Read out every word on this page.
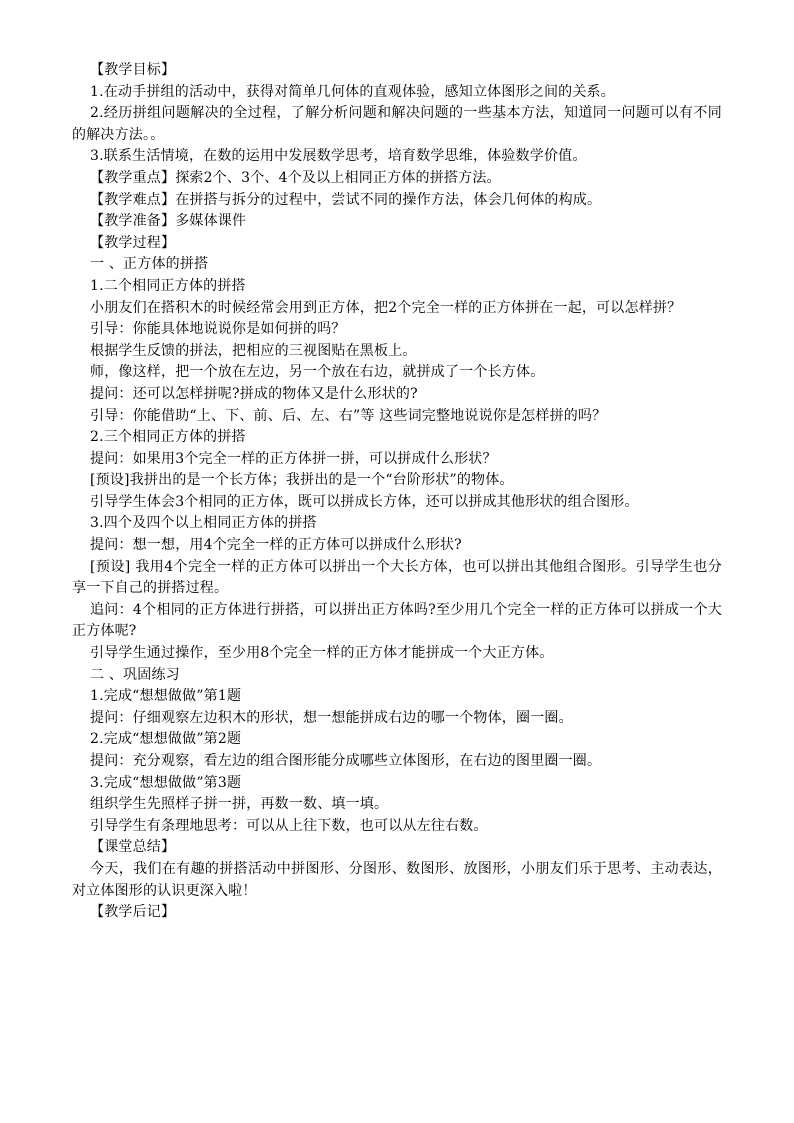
【教学目标】
1.在动手拼组的活动中，获得对简单几何体的直观体验，感知立体图形之间的关系。
2.经历拼组问题解决的全过程，了解分析问题和解决问题的一些基本方法，知道同一问题可以有不同的解决方法。。
3.联系生活情境，在数的运用中发展数学思考，培育数学思维，体验数学价值。
【教学重点】探索2个、3个、4个及以上相同正方体的拼搭方法。
【教学难点】在拼搭与拆分的过程中，尝试不同的操作方法，体会几何体的构成。
【教学准备】多媒体课件
【教学过程】
一 、正方体的拼搭
1.二个相同正方体的拼搭
小朋友们在搭积木的时候经常会用到正方体，把2个完全一样的正方体拼在一起，可以怎样拼？
引导：你能具体地说说你是如何拼的吗？
根据学生反馈的拼法，把相应的三视图贴在黑板上。
师，像这样，把一个放在左边，另一个放在右边，就拼成了一个长方体。
提问：还可以怎样拼呢?拼成的物体又是什么形状的?
引导：你能借助“上、下、前、后、左、右”等 这些词完整地说说你是怎样拼的吗？
2.三个相同正方体的拼搭
提问：如果用3个完全一样的正方体拼一拼，可以拼成什么形状？
[预设]我拼出的是一个长方体；我拼出的是一个“台阶形状”的物体。
引导学生体会3个相同的正方体，既可以拼成长方体，还可以拼成其他形状的组合图形。
3.四个及四个以上相同正方体的拼搭
提问：想一想，用4个完全一样的正方体可以拼成什么形状?
[预设] 我用4个完全一样的正方体可以拼出一个大长方体，也可以拼出其他组合图形。引导学生也分享一下自己的拼搭过程。
追问：4个相同的正方体进行拼搭，可以拼出正方体吗?至少用几个完全一样的正方体可以拼成一个大正方体呢?
引导学生通过操作，至少用8个完全一样的正方体才能拼成一个大正方体。
二 、巩固练习
1.完成“想想做做”第1题
提问：仔细观察左边积木的形状，想一想能拼成右边的哪一个物体，圈一圈。
2.完成“想想做做”第2题
提问：充分观察，看左边的组合图形能分成哪些立体图形，在右边的图里圈一圈。
3.完成“想想做做”第3题
组织学生先照样子拼一拼，再数一数、填一填。
引导学生有条理地思考：可以从上往下数，也可以从左往右数。
【课堂总结】
今天，我们在有趣的拼搭活动中拼图形、分图形、数图形、放图形，小朋友们乐于思考、主动表达，对立体图形的认识更深入啦！
【教学后记】
